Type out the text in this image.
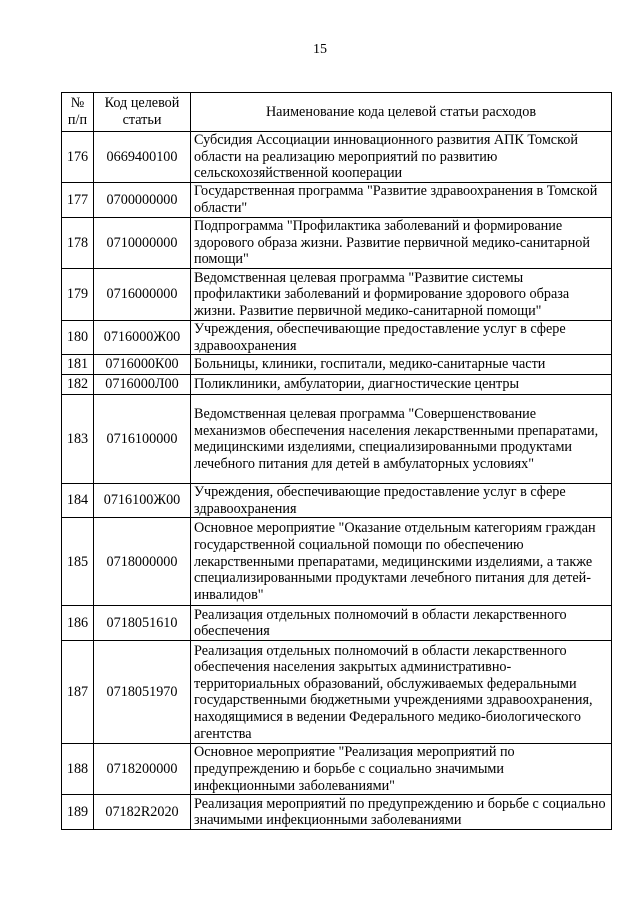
15
№ п/п	Код целевой статьи	Наименование кода целевой статьи расходов
176	0669400100	Субсидия Ассоциации инновационного развития АПК Томской области на реализацию мероприятий по развитию сельскохозяйственной кооперации
177	0700000000	Государственная программа "Развитие здравоохранения в Томской области"
178	0710000000	Подпрограмма "Профилактика заболеваний и формирование здорового образа жизни. Развитие первичной медико-санитарной помощи"
179	0716000000	Ведомственная целевая программа "Развитие системы профилактики заболеваний и формирование здорового образа жизни. Развитие первичной медико-санитарной помощи"
180	0716000Ж00	Учреждения, обеспечивающие предоставление услуг в сфере здравоохранения
181	0716000К00	Больницы, клиники, госпитали, медико-санитарные части
182	0716000Л00	Поликлиники, амбулатории, диагностические центры
183	0716100000	Ведомственная целевая программа "Совершенствование механизмов обеспечения населения лекарственными препаратами, медицинскими изделиями, специализированными продуктами лечебного питания для детей в амбулаторных условиях"
184	0716100Ж00	Учреждения, обеспечивающие предоставление услуг в сфере здравоохранения
185	0718000000	Основное мероприятие "Оказание отдельным категориям граждан государственной социальной помощи по обеспечению лекарственными препаратами, медицинскими изделиями, а также специализированными продуктами лечебного питания для детей-инвалидов"
186	0718051610	Реализация отдельных полномочий в области лекарственного обеспечения
187	0718051970	Реализация отдельных полномочий в области лекарственного обеспечения населения закрытых административно-территориальных образований, обслуживаемых федеральными государственными бюджетными учреждениями здравоохранения, находящимися в ведении Федерального медико-биологического агентства
188	0718200000	Основное мероприятие "Реализация мероприятий по предупреждению и борьбе с социально значимыми инфекционными заболеваниями"
189	07182R2020	Реализация мероприятий по предупреждению и борьбе с социально значимыми инфекционными заболеваниями
